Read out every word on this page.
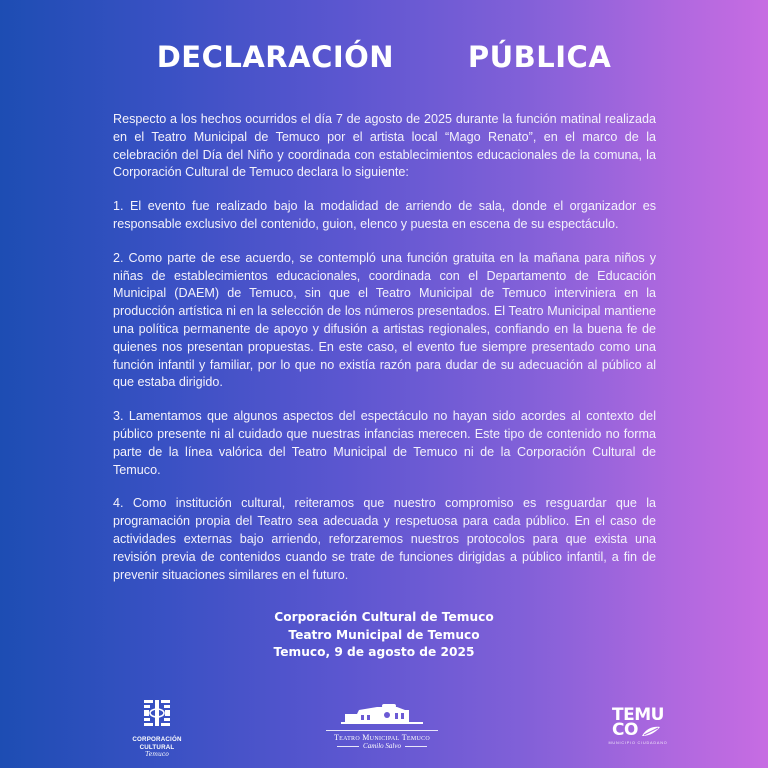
DECLARACIÓN   PÚBLICA

Respecto a los hechos ocurridos el día 7 de agosto de 2025 durante la función matinal realizada en el Teatro Municipal de Temuco por el artista local “Mago Renato”, en el marco de la celebración del Día del Niño y coordinada con establecimientos educacionales de la comuna, la Corporación Cultural de Temuco declara lo siguiente:

1. El evento fue realizado bajo la modalidad de arriendo de sala, donde el organizador es responsable exclusivo del contenido, guion, elenco y puesta en escena de su espectáculo.

2. Como parte de ese acuerdo, se contempló una función gratuita en la mañana para niños y niñas de establecimientos educacionales, coordinada con el Departamento de Educación Municipal (DAEM) de Temuco, sin que el Teatro Municipal de Temuco interviniera en la producción artística ni en la selección de los números presentados. El Teatro Municipal mantiene una política permanente de apoyo y difusión a artistas regionales, confiando en la buena fe de quienes nos presentan propuestas. En este caso, el evento fue siempre presentado como una función infantil y familiar, por lo que no existía razón para dudar de su adecuación al público al que estaba dirigido.

3. Lamentamos que algunos aspectos del espectáculo no hayan sido acordes al contexto del público presente ni al cuidado que nuestras infancias merecen. Este tipo de contenido no forma parte de la línea valórica del Teatro Municipal de Temuco ni de la Corporación Cultural de Temuco.

4. Como institución cultural, reiteramos que nuestro compromiso es resguardar que la programación propia del Teatro sea adecuada y respetuosa para cada público. En el caso de actividades externas bajo arriendo, reforzaremos nuestros protocolos para que exista una revisión previa de contenidos cuando se trate de funciones dirigidas a público infantil, a fin de prevenir situaciones similares en el futuro.

Corporación Cultural de Temuco
Teatro Municipal de Temuco
Temuco, 9 de agosto de 2025
CORPORACIÓN
CULTURAL
Temuco
Teatro Municipal Temuco
Camilo Salvo
TEMU
CO
MUNICIPIO CIUDADANO
